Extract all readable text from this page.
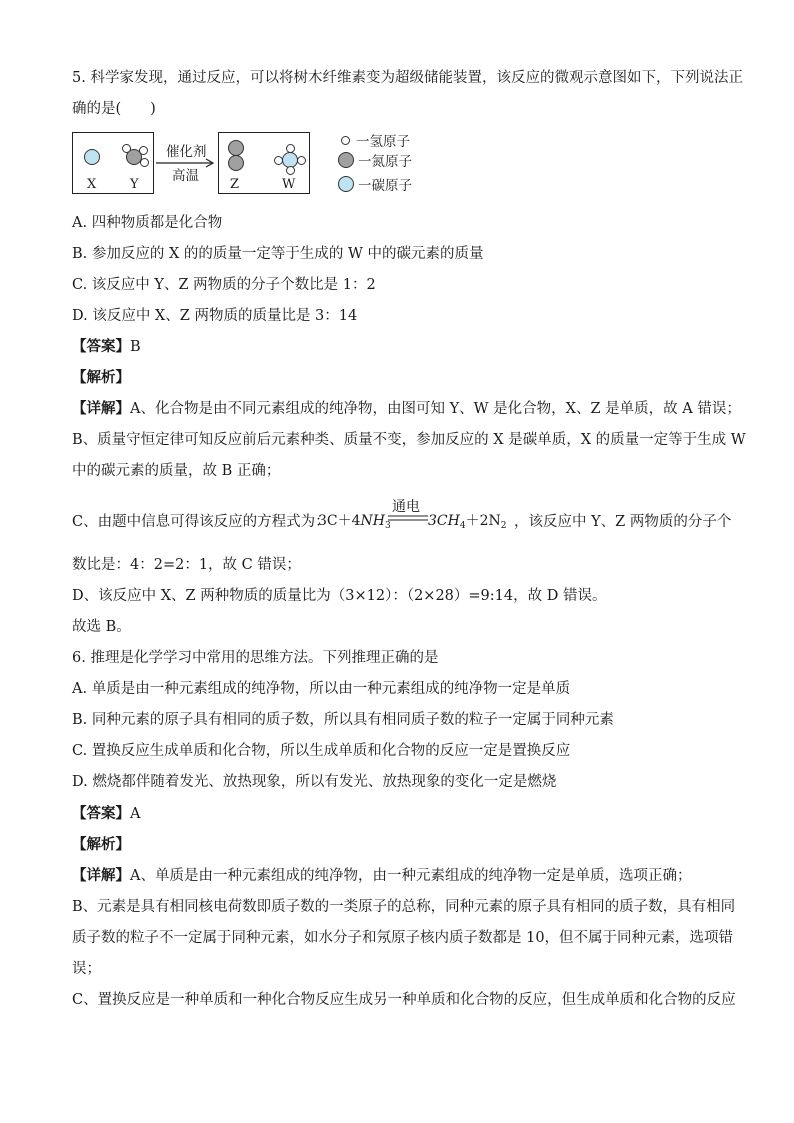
5. 科学家发现，通过反应，可以将树木纤维素变为超级储能装置，该反应的微观示意图如下，下列说法正
确的是(　　)
X	Y
催化剂
高温
Z	W
一氢原子
一氮原子
一碳原子
A. 四种物质都是化合物
B. 参加反应的 X 的的质量一定等于生成的 W 中的碳元素的质量
C. 该反应中 Y、Z 两物质的分子个数比是 1：2
D. 该反应中 X、Z 两物质的质量比是 3：14
【答案】B
【解析】
【详解】A、化合物是由不同元素组成的纯净物，由图可知 Y、W 是化合物，X、Z 是单质，故 A 错误；
B、质量守恒定律可知反应前后元素种类、质量不变，参加反应的 X 是碳单质，X 的质量一定等于生成 W
中的碳元素的质量，故 B 正确；
C、由题中信息可得该反应的方程式为：
$3C+4NH_3$
通电
$3CH_4+2N_2$ ，该反应中 Y、Z 两物质的分子个
数比是：4：2=2：1，故 C 错误；
D、该反应中 X、Z 两种物质的质量比为（3×12）：（2×28）=9:14，故 D 错误。
故选 B。
6. 推理是化学学习中常用的思维方法。下列推理正确的是
A. 单质是由一种元素组成的纯净物，所以由一种元素组成的纯净物一定是单质
B. 同种元素的原子具有相同的质子数，所以具有相同质子数的粒子一定属于同种元素
C. 置换反应生成单质和化合物，所以生成单质和化合物的反应一定是置换反应
D. 燃烧都伴随着发光、放热现象，所以有发光、放热现象的变化一定是燃烧
【答案】A
【解析】
【详解】A、单质是由一种元素组成的纯净物，由一种元素组成的纯净物一定是单质，选项正确；
B、元素是具有相同核电荷数即质子数的一类原子的总称，同种元素的原子具有相同的质子数，具有相同
质子数的粒子不一定属于同种元素，如水分子和氖原子核内质子数都是 10，但不属于同种元素，选项错
误；
C、置换反应是一种单质和一种化合物反应生成另一种单质和化合物的反应，但生成单质和化合物的反应
